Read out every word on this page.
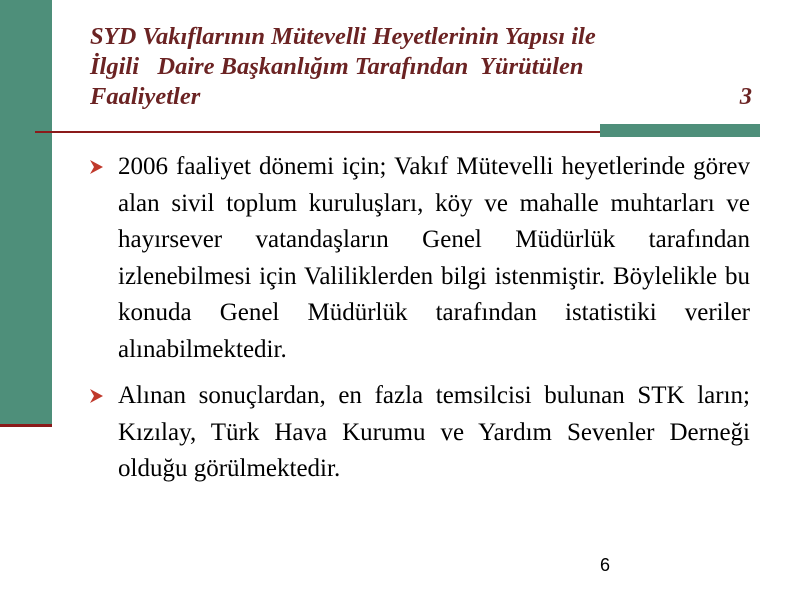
SYD Vakıflarının Mütevelli Heyetlerinin Yapısı ile
İlgili   Daire Başkanlığım Tarafından  Yürütülen
Faaliyetler	3
2006 faaliyet dönemi için; Vakıf Mütevelli heyetlerinde görev alan sivil toplum kuruluşları, köy ve mahalle muhtarları ve hayırsever vatandaşların Genel Müdürlük tarafından izlenebilmesi için Valiliklerden bilgi istenmiştir. Böylelikle bu konuda Genel Müdürlük tarafından istatistiki veriler alınabilmektedir.
Alınan sonuçlardan, en fazla temsilcisi bulunan STK ların; Kızılay, Türk Hava Kurumu ve Yardım Sevenler Derneği olduğu görülmektedir.
6
